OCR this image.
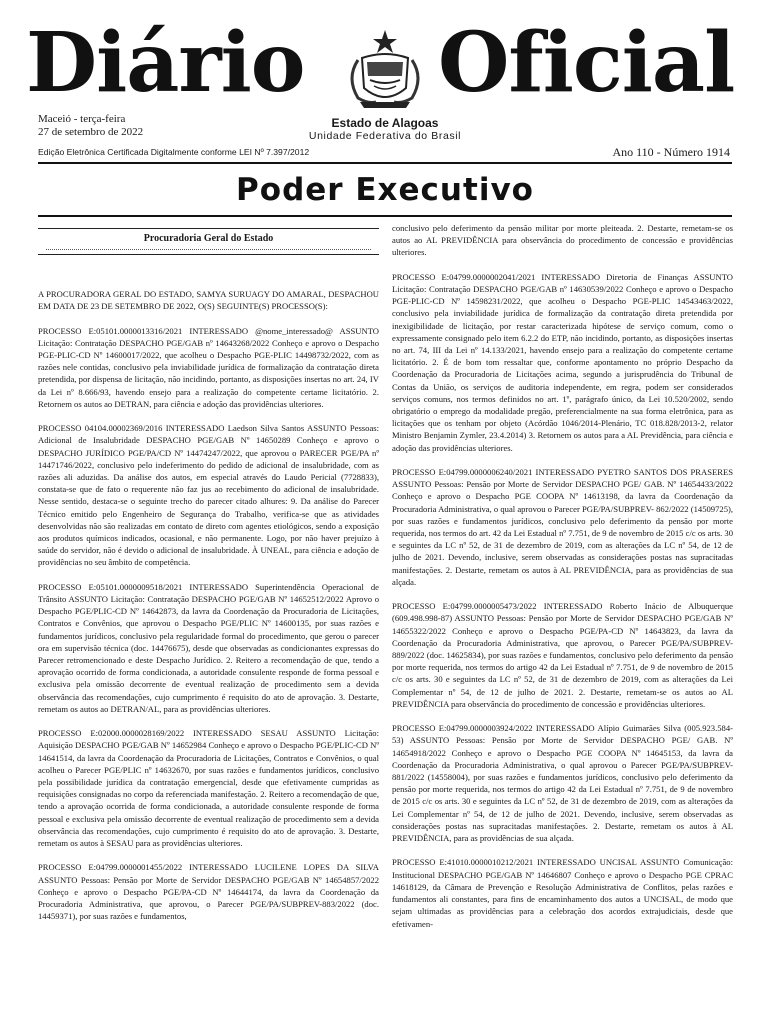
Diário Oficial
Maceió - terça-feira
27 de setembro de 2022
Estado de Alagoas
Unidade Federativa do Brasil
Edição Eletrônica Certificada Digitalmente conforme LEI Nº 7.397/2012	Ano 110 - Número 1914
Poder Executivo
Procuradoria Geral do Estado

A PROCURADORA GERAL DO ESTADO, SAMYA SURUAGY DO AMARAL, DESPACHOU EM DATA DE 23 DE SETEMBRO DE 2022, O(S) SEGUINTE(S) PROCESSO(S):

PROCESSO E:05101.0000013316/2021 INTERESSADO @nome_interessado@ ASSUNTO Licitação: Contratação DESPACHO PGE/GAB nº 14643268/2022 Conheço e aprovo o Despacho PGE-PLIC-CD Nº 14600017/2022, que acolheu o Despacho PGE-PLIC 14498732/2022, com as razões nele contidas, conclusivo pela inviabilidade jurídica de formalização da contratação direta pretendida, por dispensa de licitação, não incidindo, portanto, as disposições insertas no art. 24, IV da Lei nº 8.666/93, havendo ensejo para a realização do competente certame licitatório. 2. Retornem os autos ao DETRAN, para ciência e adoção das providências ulteriores.

PROCESSO 04104.00002369/2016 INTERESSADO Laedson Silva Santos ASSUNTO Pessoas: Adicional de Insalubridade DESPACHO PGE/GAB Nº 14650289 Conheço e aprovo o DESPACHO JURÍDICO PGE/PA/CD Nº 14474247/2022, que aprovou o PARECER PGE/PA nº 14471746/2022, conclusivo pelo indeferimento do pedido de adicional de insalubridade, com as razões ali aduzidas. Da análise dos autos, em especial através do Laudo Pericial (7728833), constata-se que de fato o requerente não faz jus ao recebimento do adicional de insalubridade. Nesse sentido, destaca-se o seguinte trecho do parecer citado alhures: 9. Da análise do Parecer Técnico emitido pelo Engenheiro de Segurança do Trabalho, verifica-se que as atividades desenvolvidas não são realizadas em contato de direto com agentes etiológicos, sendo a exposição aos produtos químicos indicados, ocasional, e não permanente. Logo, por não haver prejuízo à saúde do servidor, não é devido o adicional de insalubridade. À UNEAL, para ciência e adoção de providências no seu âmbito de competência.

PROCESSO E:05101.0000009518/2021 INTERESSADO Superintendência Operacional de Trânsito ASSUNTO Licitação: Contratação DESPACHO PGE/GAB Nº 14652512/2022 Aprovo o Despacho PGE/PLIC-CD Nº 14642873, da lavra da Coordenação da Procuradoria de Licitações, Contratos e Convênios, que aprovou o Despacho PGE/PLIC Nº 14600135, por suas razões e fundamentos jurídicos, conclusivo pela regularidade formal do procedimento, que gerou o parecer ora em supervisão técnica (doc. 14476675), desde que observadas as condicionantes expressas do Parecer retromencionado e deste Despacho Jurídico. 2. Reitero a recomendação de que, tendo a aprovação ocorrido de forma condicionada, a autoridade consulente responde de forma pessoal e exclusiva pela omissão decorrente de eventual realização de procedimento sem a devida observância das recomendações, cujo cumprimento é requisito do ato de aprovação. 3. Destarte, remetam os autos ao DETRAN/AL, para as providências ulteriores.

PROCESSO E:02000.0000028169/2022 INTERESSADO SESAU ASSUNTO Licitação: Aquisição DESPACHO PGE/GAB Nº 14652984 Conheço e aprovo o Despacho PGE/PLIC-CD Nº 14641514, da lavra da Coordenação da Procuradoria de Licitações, Contratos e Convênios, o qual acolheu o Parecer PGE/PLIC nº 14632670, por suas razões e fundamentos jurídicos, conclusivo pela possibilidade jurídica da contratação emergencial, desde que efetivamente cumpridas as requisições consignadas no corpo da referenciada manifestação. 2. Reitero a recomendação de que, tendo a aprovação ocorrida de forma condicionada, a autoridade consulente responde de forma pessoal e exclusiva pela omissão decorrente de eventual realização de procedimento sem a devida observância das recomendações, cujo cumprimento é requisito do ato de aprovação. 3. Destarte, remetam os autos à SESAU para as providências ulteriores.

PROCESSO E:04799.0000001455/2022 INTERESSADO LUCILENE LOPES DA SILVA ASSUNTO Pessoas: Pensão por Morte de Servidor DESPACHO PGE/GAB Nº 14654857/2022 Conheço e aprovo o Despacho PGE/PA-CD Nº 14644174, da lavra da Coordenação da Procuradoria Administrativa, que aprovou, o Parecer PGE/PA/SUBPREV-883/2022 (doc. 14459371), por suas razões e fundamentos,

conclusivo pelo deferimento da pensão militar por morte pleiteada. 2. Destarte, remetam-se os autos ao AL PREVIDÊNCIA para observância do procedimento de concessão e providências ulteriores.

PROCESSO E:04799.0000002041/2021 INTERESSADO Diretoria de Finanças ASSUNTO Licitação: Contratação DESPACHO PGE/GAB nº 14630539/2022 Conheço e aprovo o Despacho PGE-PLIC-CD Nº 14598231/2022, que acolheu o Despacho PGE-PLIC 14543463/2022, conclusivo pela inviabilidade jurídica de formalização da contratação direta pretendida por inexigibilidade de licitação, por restar caracterizada hipótese de serviço comum, como o expressamente consignado pelo item 6.2.2 do ETP, não incidindo, portanto, as disposições insertas no art. 74, III da Lei nº 14.133/2021, havendo ensejo para a realização do competente certame licitatório. 2. É de bom tom ressaltar que, conforme apontamento no próprio Despacho da Coordenação da Procuradoria de Licitações acima, segundo a jurisprudência do Tribunal de Contas da União, os serviços de auditoria independente, em regra, podem ser considerados serviços comuns, nos termos definidos no art. 1º, parágrafo único, da Lei 10.520/2002, sendo obrigatório o emprego da modalidade pregão, preferencialmente na sua forma eletrônica, para as licitações que os tenham por objeto (Acórdão 1046/2014-Plenário, TC 018.828/2013-2, relator Ministro Benjamin Zymler, 23.4.2014) 3. Retornem os autos para a AL Previdência, para ciência e adoção das providências ulteriores.

PROCESSO E:04799.0000006240/2021 INTERESSADO PYETRO SANTOS DOS PRASERES ASSUNTO Pessoas: Pensão por Morte de Servidor DESPACHO PGE/ GAB. Nº 14654433/2022 Conheço e aprovo o Despacho PGE COOPA Nº 14613198, da lavra da Coordenação da Procuradoria Administrativa, o qual aprovou o Parecer PGE/PA/SUBPREV- 862/2022 (14509725), por suas razões e fundamentos jurídicos, conclusivo pelo deferimento da pensão por morte requerida, nos termos do art. 42 da Lei Estadual nº 7.751, de 9 de novembro de 2015 c/c os arts. 30 e seguintes da LC nº 52, de 31 de dezembro de 2019, com as alterações da LC nº 54, de 12 de julho de 2021. Devendo, inclusive, serem observadas as considerações postas nas supracitadas manifestações. 2. Destarte, remetam os autos à AL PREVIDÊNCIA, para as providências de sua alçada.

PROCESSO E:04799.0000005473/2022 INTERESSADO Roberto Inácio de Albuquerque (609.498.998-87) ASSUNTO Pessoas: Pensão por Morte de Servidor DESPACHO PGE/GAB Nº 14655322/2022 Conheço e aprovo o Despacho PGE/PA-CD Nº 14643823, da lavra da Coordenação da Procuradoria Administrativa, que aprovou, o Parecer PGE/PA/SUBPREV-889/2022 (doc. 14625834), por suas razões e fundamentos, conclusivo pelo deferimento da pensão por morte requerida, nos termos do artigo 42 da Lei Estadual nº 7.751, de 9 de novembro de 2015 c/c os arts. 30 e seguintes da LC nº 52, de 31 de dezembro de 2019, com as alterações da Lei Complementar nº 54, de 12 de julho de 2021. 2. Destarte, remetam-se os autos ao AL PREVIDÊNCIA para observância do procedimento de concessão e providências ulteriores.

PROCESSO E:04799.0000003924/2022 INTERESSADO Alípio Guimarães Silva (005.923.584-53) ASSUNTO Pessoas: Pensão por Morte de Servidor DESPACHO PGE/ GAB. Nº 14654918/2022 Conheço e aprovo o Despacho PGE COOPA Nº 14645153, da lavra da Coordenação da Procuradoria Administrativa, o qual aprovou o Parecer PGE/PA/SUBPREV- 881/2022 (14558004), por suas razões e fundamentos jurídicos, conclusivo pelo deferimento da pensão por morte requerida, nos termos do artigo 42 da Lei Estadual nº 7.751, de 9 de novembro de 2015 c/c os arts. 30 e seguintes da LC nº 52, de 31 de dezembro de 2019, com as alterações da Lei Complementar nº 54, de 12 de julho de 2021. Devendo, inclusive, serem observadas as considerações postas nas supracitadas manifestações. 2. Destarte, remetam os autos à AL PREVIDÊNCIA, para as providências de sua alçada.

PROCESSO E:41010.0000010212/2021 INTERESSADO UNCISAL ASSUNTO Comunicação: Institucional DESPACHO PGE/GAB Nº 14646807 Conheço e aprovo o Despacho PGE CPRAC 14618129, da Câmara de Prevenção e Resolução Administrativa de Conflitos, pelas razões e fundamentos ali constantes, para fins de encaminhamento dos autos a UNCISAL, de modo que sejam ultimadas as providências para a celebração dos acordos extrajudiciais, desde que efetivamen-
